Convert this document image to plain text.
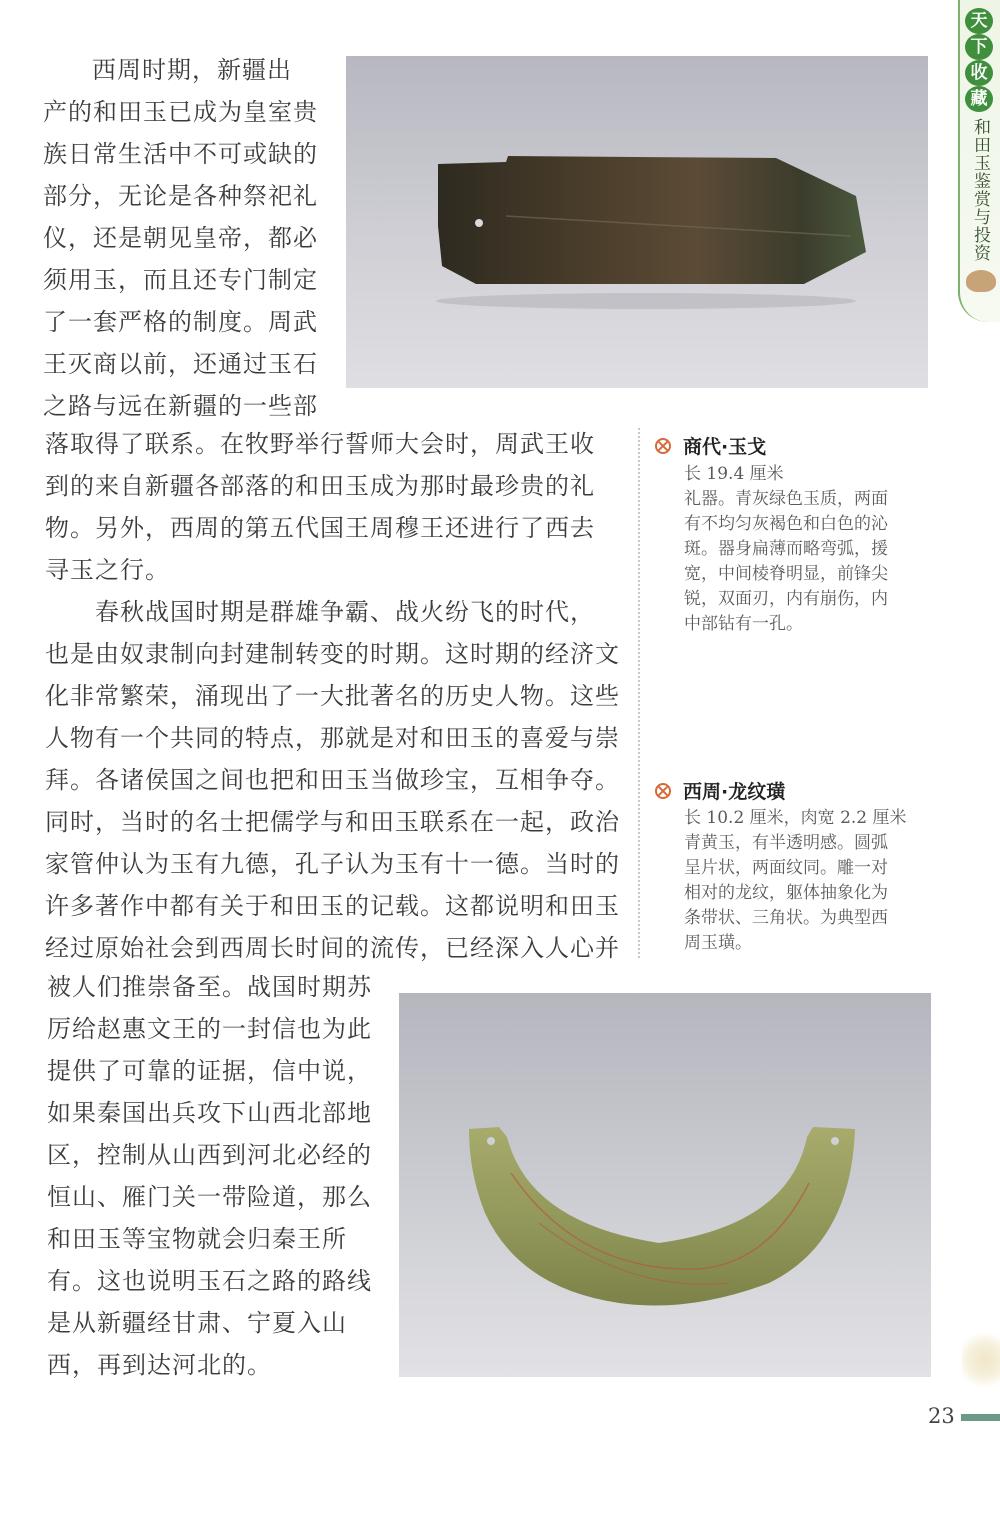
西周时期，新疆出
产的和田玉已成为皇室贵
族日常生活中不可或缺的
部分，无论是各种祭祀礼
仪，还是朝见皇帝，都必
须用玉，而且还专门制定
了一套严格的制度。周武
王灭商以前，还通过玉石
之路与远在新疆的一些部
落取得了联系。在牧野举行誓师大会时，周武王收
到的来自新疆各部落的和田玉成为那时最珍贵的礼
物。另外，西周的第五代国王周穆王还进行了西去
寻玉之行。
春秋战国时期是群雄争霸、战火纷飞的时代，
也是由奴隶制向封建制转变的时期。这时期的经济文
化非常繁荣，涌现出了一大批著名的历史人物。这些
人物有一个共同的特点，那就是对和田玉的喜爱与崇
拜。各诸侯国之间也把和田玉当做珍宝，互相争夺。
同时，当时的名士把儒学与和田玉联系在一起，政治
家管仲认为玉有九德，孔子认为玉有十一德。当时的
许多著作中都有关于和田玉的记载。这都说明和田玉
经过原始社会到西周长时间的流传，已经深入人心并
商代·玉戈
长 19.4 厘米
礼器。青灰绿色玉质，两面
有不均匀灰褐色和白色的沁
斑。器身扁薄而略弯弧，援
宽，中间棱脊明显，前锋尖
锐，双面刃，内有崩伤，内
中部钻有一孔。
西周·龙纹璜
长 10.2 厘米，肉宽 2.2 厘米
青黄玉，有半透明感。圆弧
呈片状，两面纹同。雕一对
相对的龙纹，躯体抽象化为
条带状、三角状。为典型西
周玉璜。
被人们推崇备至。战国时期苏
厉给赵惠文王的一封信也为此
提供了可靠的证据，信中说，
如果秦国出兵攻下山西北部地
区，控制从山西到河北必经的
恒山、雁门关一带险道，那么
和田玉等宝物就会归秦王所
有。这也说明玉石之路的路线
是从新疆经甘肃、宁夏入山
西，再到达河北的。
天
下
收
藏
和田玉鉴赏与投资
23
